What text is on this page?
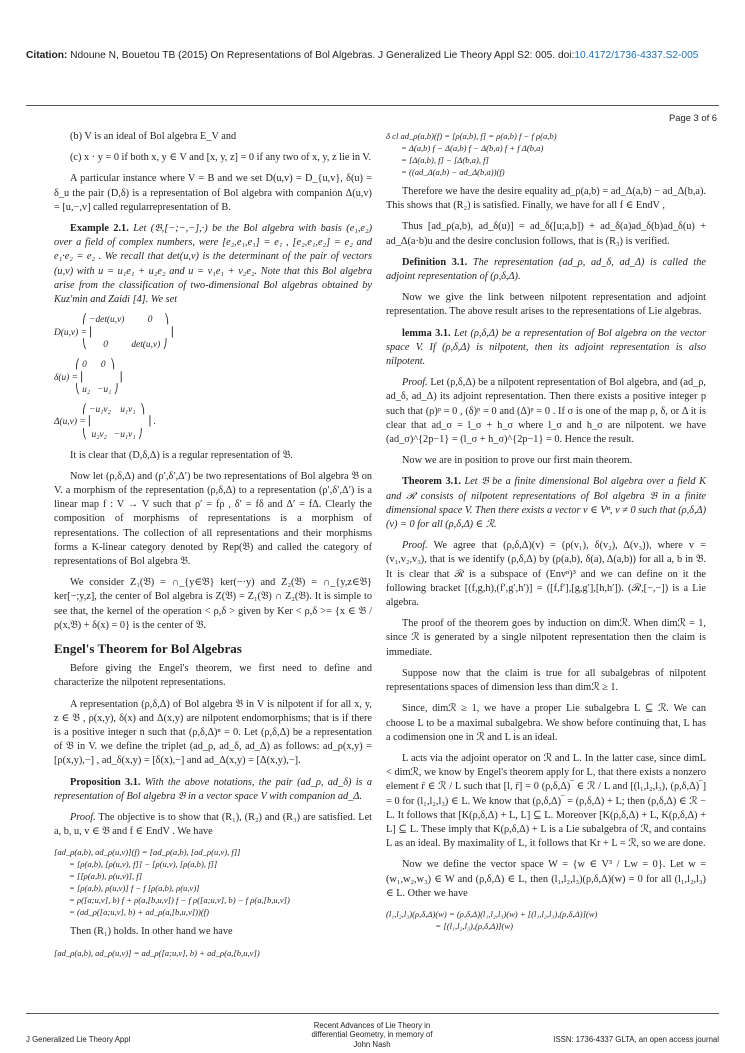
Citation: Ndoune N, Bouetou TB (2015) On Representations of Bol Algebras. J Generalized Lie Theory Appl S2: 005. doi:10.4172/1736-4337.S2-005
Page 3 of 6

(b) V is an ideal of Bol algebra E_V and

(c) x · y = 0 if both x, y ∈ V and [x, y, z] = 0 if any two of x, y, z lie in V.

A particular instance where V = B and we set D(u,v) = D_{u,v}, δ(u) = δ_u the pair (D,δ) is a representation of Bol algebra with companion Δ(u,v) = [u,−,v] called regularrepresentation of B.

Example 2.1. Let (𝔅,[−;−,−],·) be the Bol algebra with basis (e₁,e₂) over a field of complex numbers, were [e₂,e₁,e₁] = e₁ , [e₂,e₁,e₂] = e₂ and e₁·e₂ = e₂ . We recall that det(u,v) is the determinant of the pair of vectors (u,v) with u = u₁e₁ + u₂e₂ and u = v₁e₁ + v₂e₂. Note that this Bol algebra arise from the classification of two-dimensional Bol algebras obtained by Kuz'min and Zaidi [4]. We set

⎛ −det(u,v)          0     ⎞
D(u,v) = ⎜                                ⎟
⎝       0          det(u,v) ⎠
⎛ 0      0  ⎞
δ(u) = ⎜              ⎟
⎝ u₂   −u₁ ⎠
⎛ −u₁v₂    u₁v₁  ⎞
Δ(u,v) = ⎜                       ⎟ .
⎝  u₂v₂   −u₁v₁ ⎠

It is clear that (D,δ,Δ) is a regular representation of 𝔅.

Now let (ρ,δ,Δ) and (ρ′,δ′,Δ′) be two representations of Bol algebra 𝔅 on V. a morphism of the representation (ρ,δ,Δ) to a representation (ρ′,δ′,Δ′) is a linear map f : V → V such that ρ′ = fρ , δ′ = fδ and Δ′ = fΔ. Clearly the composition of morphisms of representations is a morphism of representations. The collection of all representations and their morphisms forms a K-linear category denoted by Rep(𝔅) and called the category of representations of Bol algebra 𝔅.

We consider Z₁(𝔅) = ∩_{y∈𝔅} ker(−·y) and Z₂(𝔅) = ∩_{y,z∈𝔅} ker[−;y,z], the center of Bol algebra is Z(𝔅) = Z₁(𝔅) ∩ Z₂(𝔅). It is simple to see that, the kernel of the operation < ρ,δ > given by Ker < ρ,δ >= {x ∈ 𝔅 / ρ(x,𝔅) + δ(x) = 0} is the center of 𝔅.

Engel's Theorem for Bol Algebras

Before giving the Engel's theorem, we first need to define and characterize the nilpotent representations.

A representation (ρ,δ,Δ) of Bol algebra 𝔅 in V is nilpotent if for all x, y, z ∈ 𝔅 , ρ(x,y), δ(x) and Δ(x,y) are nilpotent endomorphisms; that is if there is a positive integer n such that (ρ,δ,Δ)ⁿ = 0. Let (ρ,δ,Δ) be a representation of 𝔅 in V. we define the triplet (ad_ρ, ad_δ, ad_Δ) as follows: ad_ρ(x,y) = [ρ(x,y),−] , ad_δ(x,y) = [δ(x),−] and ad_Δ(x,y) = [Δ(x,y),−].

Proposition 3.1. With the above notations, the pair (ad_ρ, ad_δ) is a representation of Bol algebra 𝔅 in a vector space V with companion ad_Δ.

Proof. The objective is to show that (R₁), (R₂) and (R₃) are satisfied. Let a, b, u, v ∈ 𝔅 and f ∈ EndV . We have

[ad_ρ(a,b), ad_ρ(u,v)](f) = [ad_ρ(a,b), [ad_ρ(u,v), f]]
= [ρ(a,b), [ρ(u,v), f]] − [ρ(u,v), [ρ(a,b), f]]
= [[ρ(a,b), ρ(u,v)], f]
= [ρ(a,b), ρ(u,v)] f − f [ρ(a,b), ρ(u,v)]
= ρ([a;u,v], b) f + ρ(a,[b,u,v]) f − f ρ([a;u,v], b) − f ρ(a,[b,u,v])
= (ad_ρ([a;u,v], b) + ad_ρ(a,[b,u,v]))(f)

Then (R₁) holds. In other hand we have

[ad_ρ(a,b), ad_ρ(u,v)] = ad_ρ([a;u,v], b) + ad_ρ(a,[b,u,v])
δ cl ad_ρ(a,b)(f) = [ρ(a,b), f] = ρ(a,b) f − f ρ(a,b)
= Δ(a,b) f − Δ(a,b) f − Δ(b,a) f + f Δ(b,a)
= [Δ(a,b), f] − [Δ(b,a), f]
= ((ad_Δ(a,b) − ad_Δ(b,a))(f)

Therefore we have the desire equality ad_ρ(a,b) = ad_Δ(a,b) − ad_Δ(b,a). This shows that (R₂) is satisfied. Finally, we have for all f ∈ EndV ,

Thus [ad_ρ(a,b), ad_δ(u)] = ad_δ([u;a,b]) + ad_δ(a)ad_δ(b)ad_δ(u) + ad_Δ(a·b)u and the desire conclusion follows, that is (R₃) is verified.

Definition 3.1. The representation (ad_ρ, ad_δ, ad_Δ) is called the adjoint representation of (ρ,δ,Δ).

Now we give the link between nilpotent representation and adjoint representation. The above result arises to the representations of Lie algebras.

lemma 3.1. Let (ρ,δ,Δ) be a representation of Bol algebra on the vector space V. If (ρ,δ,Δ) is nilpotent, then its adjoint representation is also nilpotent.

Proof. Let (ρ,δ,Δ) be a nilpotent representation of Bol algebra, and (ad_ρ, ad_δ, ad_Δ) its adjoint representation. Then there exists a positive integer p such that (ρ)ᵖ = 0 , (δ)ᵖ = 0 and (Δ)ᵖ = 0 . If σ is one of the map ρ, δ, or Δ it is clear that ad_σ = l_σ + h_σ where l_σ and h_σ are nilpotent. we have (ad_σ)^{2p−1} = (l_σ + h_σ)^{2p−1} = 0. Hence the result.

Now we are in position to prove our first main theorem.

Theorem 3.1. Let 𝔅 be a finite dimensional Bol algebra over a field K and ℛ consists of nilpotent representations of Bol algebra 𝔅 in a finite dimensional space V. Then there exists a vector v ∈ Vⁿ, v ≠ 0 such that (ρ,δ,Δ)(v) = 0 for all (ρ,δ,Δ) ∈ ℛ.

Proof. We agree that (ρ,δ,Δ)(v) = (ρ(v₁), δ(v₂), Δ(v₃)), where v = (v₁,v₂,v₃), that is we identify (ρ,δ,Δ) by (ρ(a,b), δ(a), Δ(a,b)) for all a, b in 𝔅. It is clear that ℛ is a subspace of (Envⁿ)³ and we can define on it the following bracket [(f,g,h),(f′,g′,h′)] = ([f,f′],[g,g′],[h,h′]). (ℛ,[−,−]) is a Lie algebra.

The proof of the theorem goes by induction on dimℛ. When dimℛ = 1, since ℛ is generated by a single nilpotent representation then the claim is immediate.

Suppose now that the claim is true for all subalgebras of nilpotent representations spaces of dimension less than dimℛ ≥ 1.

Since, dimℛ ≥ 1, we have a proper Lie subalgebra L ⊆ ℛ. We can choose L to be a maximal subalgebra. We show before continuing that, L has a codimension one in ℛ and L is an ideal.

L acts via the adjoint operator on ℛ and L. In the latter case, since dimL < dimℛ, we know by Engel's theorem apply for L, that there exists a nonzero element r̄ ∈ ℛ / L such that [l, r̄] = 0 (ρ,δ,Δ)‾ ∈ ℛ / L and [(l₁,l₂,l₃), (ρ,δ,Δ)‾] = 0 for (l₁,l₂,l₃) ∈ L. We know that (ρ,δ,Δ)‾ = (ρ,δ,Δ) + L; then (ρ,δ,Δ) ∈ ℛ − L. It follows that [K(ρ,δ,Δ) + L, L] ⊆ L. Moreover [K(ρ,δ,Δ) + L, K(ρ,δ,Δ) + L] ⊆ L. These imply that K(ρ,δ,Δ) + L is a Lie subalgebra of ℛ, and contains L as an ideal. By maximality of L, it follows that Kr + L = ℛ, so we are done.

Now we define the vector space W = {w ∈ V³ / Lw = 0}. Let w = (w₁,w₂,w₃) ∈ W and (ρ,δ,Δ) ∈ L, then (l₁,l₂,l₃)(ρ,δ,Δ)(w) = 0 for all (l₁,l₂,l₃) ∈ L. Other we have

(l₁,l₂,l₃)(ρ,δ,Δ)(w) = (ρ,δ,Δ)(l₁,l₂,l₃)(w) + [(l₁,l₂,l₃),(ρ,δ,Δ)](w)
= [(l₁,l₂,l₃),(ρ,δ,Δ)](w)
J Generalized Lie Theory Appl
Recent Advances of Lie Theory in
differential Geometry, in memory of
John Nash
ISSN: 1736-4337 GLTA, an open access journal
